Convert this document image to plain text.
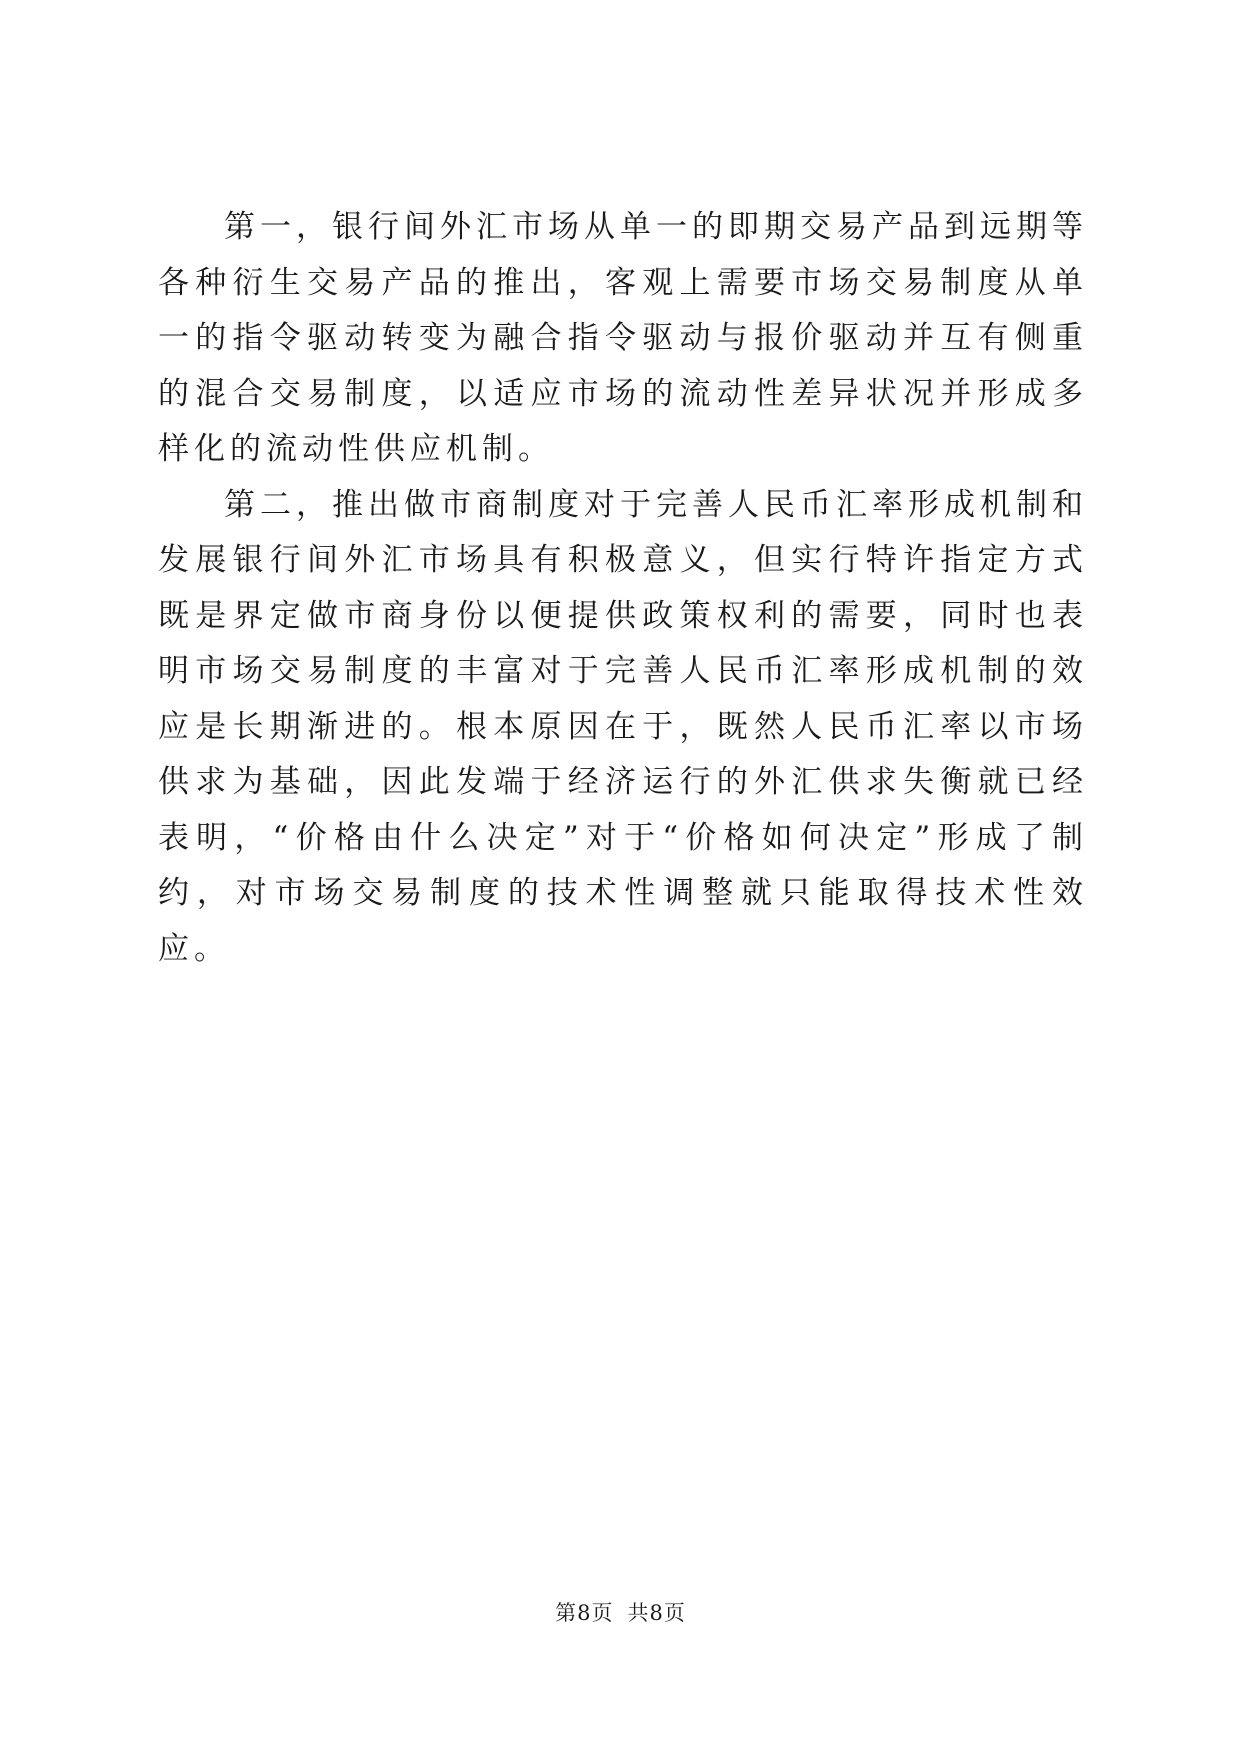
第一，银行间外汇市场从单一的即期交易产品到远期等各种衍生交易产品的推出，客观上需要市场交易制度从单一的指令驱动转变为融合指令驱动与报价驱动并互有侧重的混合交易制度，以适应市场的流动性差异状况并形成多样化的流动性供应机制。

第二，推出做市商制度对于完善人民币汇率形成机制和发展银行间外汇市场具有积极意义，但实行特许指定方式既是界定做市商身份以便提供政策权利的需要，同时也表明市场交易制度的丰富对于完善人民币汇率形成机制的效应是长期渐进的。根本原因在于，既然人民币汇率以市场供求为基础，因此发端于经济运行的外汇供求失衡就已经表明，“价格由什么决定”对于“价格如何决定”形成了制约，对市场交易制度的技术性调整就只能取得技术性效应。

第8页 共8页
